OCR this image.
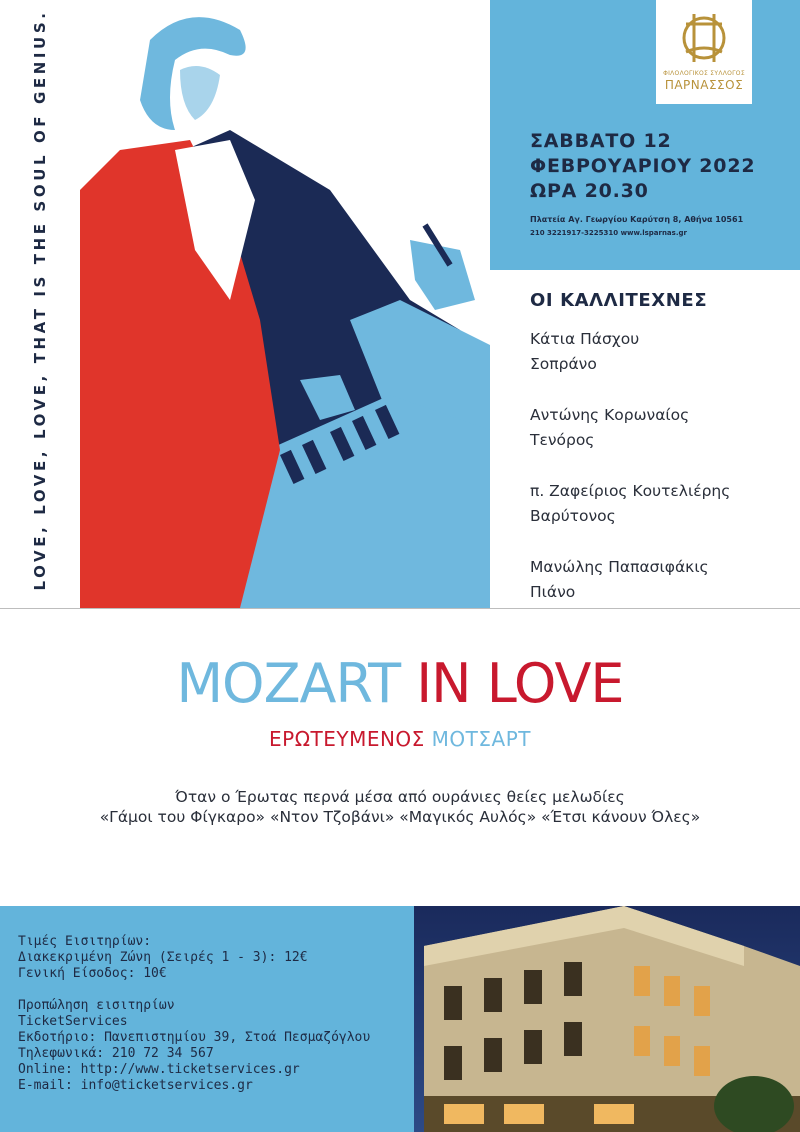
LOVE, LOVE, LOVE, THAT IS THE SOUL OF GENIUS.	ΦΙΛΟΛΟΓΙΚΟΣ ΣΥΛΛΟΓΟΣ
ΠΑΡΝΑΣΣΟΣ
ΣΑΒΒΑΤΟ 12
ΦΕΒΡΟΥΑΡΙΟΥ 2022
ΩΡΑ 20.30
Πλατεία Αγ. Γεωργίου Καρύτση 8, Αθήνα 10561
210 3221917-3225310 www.lsparnas.gr
ΟΙ ΚΑΛΛΙΤΕΧΝΕΣ
Κάτια Πάσχου
Σοπράνο
Αντώνης Κορωναίος
Τενόρος
π. Ζαφείριος Κουτελιέρης
Βαρύτονος
Μανώλης Παπασιφάκις
Πιάνο
MOZART IN LOVE
ΕΡΩΤΕΥΜΕΝΟΣ ΜΟΤΣΑΡΤ
Όταν ο Έρωτας περνά μέσα από ουράνιες θείες μελωδίες
«Γάμοι του Φίγκαρο» «Ντον Τζοβάνι» «Μαγικός Αυλός» «Έτσι κάνουν Όλες»
Τιμές Εισιτηρίων:
Διακεκριμένη Ζώνη (Σειρές 1 - 3): 12€
Γενική Είσοδος: 10€
Προπώληση εισιτηρίων
TicketServices
Εκδοτήριο: Πανεπιστημίου 39, Στοά Πεσμαζόγλου
Τηλεφωνικά: 210 72 34 567
Online: http://www.ticketservices.gr
E-mail: info@ticketservices.gr
